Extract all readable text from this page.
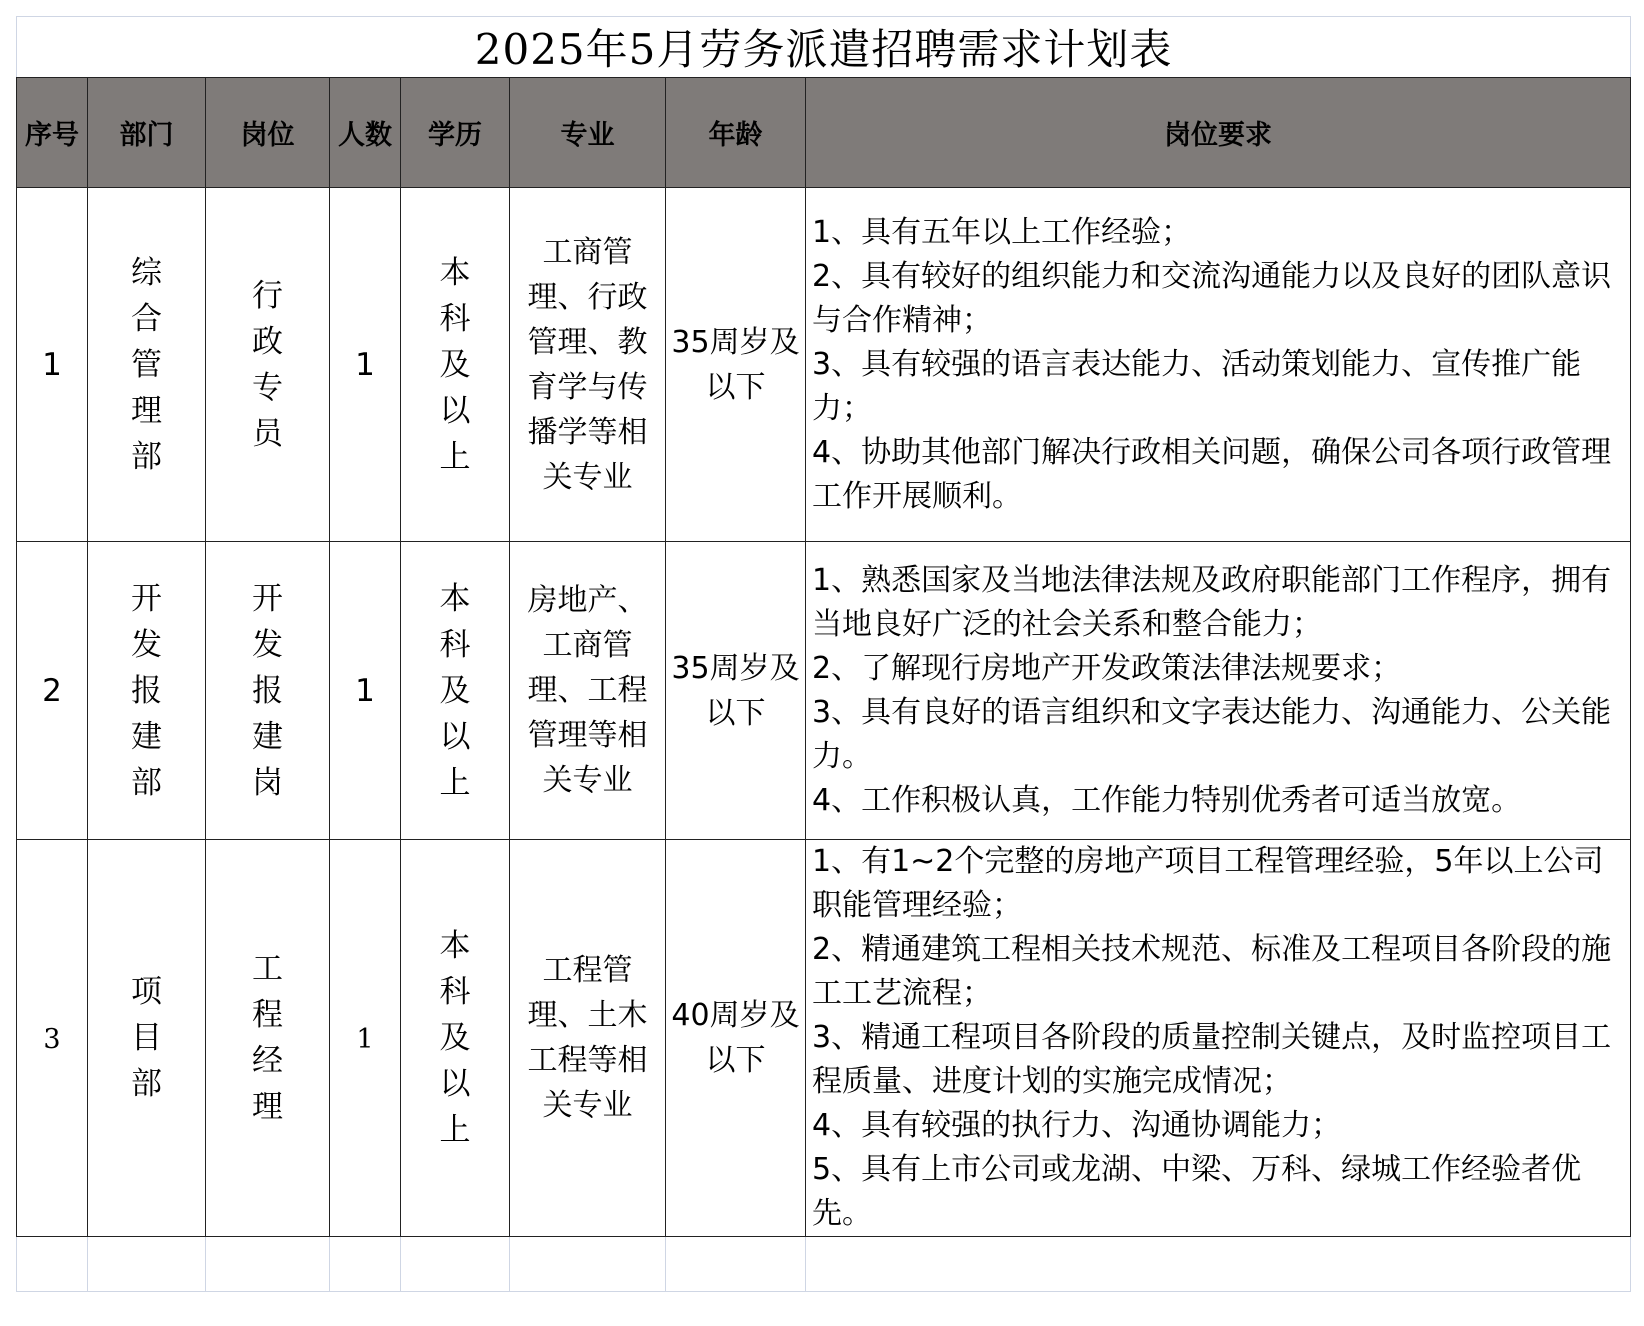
2025年5月劳务派遣招聘需求计划表							
序号	部门	岗位	人数	学历	专业	年龄	岗位要求
1	综合管理部	行政专员	1	本科及以上	工商管理、行政管理、教育学与传播学等相关专业	35周岁及以下	1、具有五年以上工作经验；
2、具有较好的组织能力和交流沟通能力以及良好的团队意识与合作精神；
3、具有较强的语言表达能力、活动策划能力、宣传推广能力；
4、协助其他部门解决行政相关问题，确保公司各项行政管理工作开展顺利。

2	开发报建部	开发报建岗	1	本科及以上	房地产、工商管理、工程管理等相关专业	35周岁及以下	1、熟悉国家及当地法律法规及政府职能部门工作程序，拥有当地良好广泛的社会关系和整合能力；
2、了解现行房地产开发政策法律法规要求；
3、具有良好的语言组织和文字表达能力、沟通能力、公关能力。
4、工作积极认真，工作能力特别优秀者可适当放宽。

3	项目部	工程经理	1	本科及以上	工程管理、土木工程等相关专业	40周岁及以下	1、有1~2个完整的房地产项目工程管理经验，5年以上公司职能管理经验；
2、精通建筑工程相关技术规范、标准及工程项目各阶段的施工工艺流程；
3、精通工程项目各阶段的质量控制关键点，及时监控项目工程质量、进度计划的实施完成情况；
4、具有较强的执行力、沟通协调能力；
5、具有上市公司或龙湖、中梁、万科、绿城工作经验者优先。
